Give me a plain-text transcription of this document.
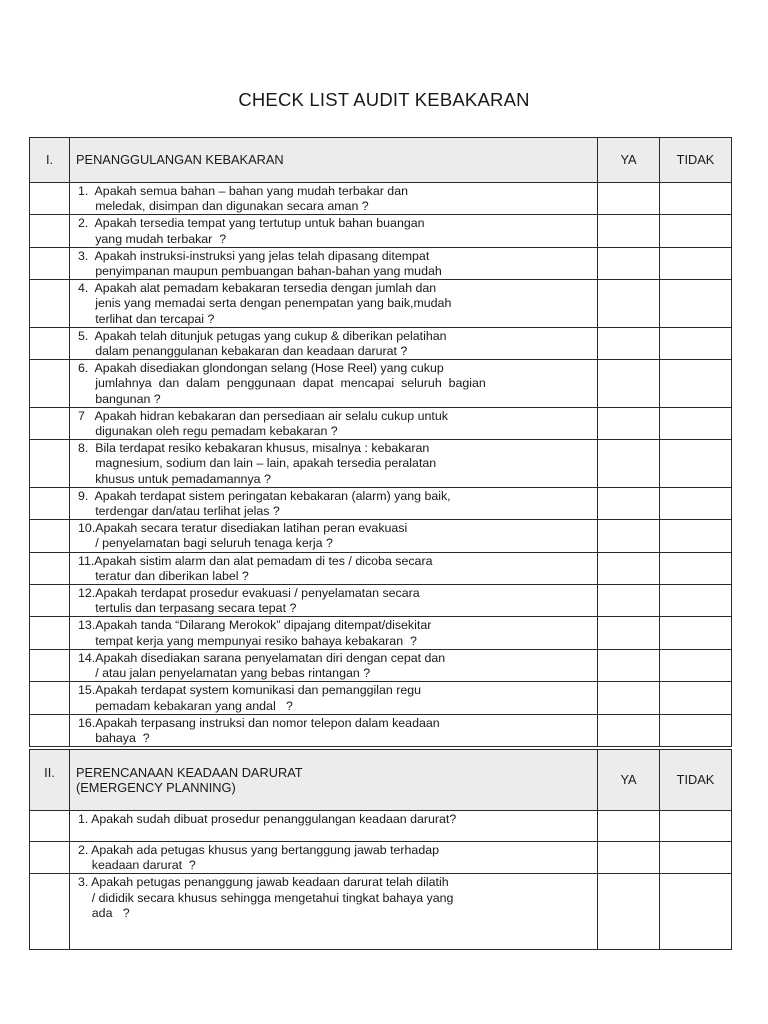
CHECK LIST AUDIT KEBAKARAN
I.	PENANGGULANGAN KEBAKARAN	YA	TIDAK

	1.  Apakah semua bahan – bahan yang mudah terbakar dan
meledak, disimpan dan digunakan secara aman ?		

	2.  Apakah tersedia tempat yang tertutup untuk bahan buangan
yang mudah terbakar  ?		

	3.  Apakah instruksi-instruksi yang jelas telah dipasang ditempat
penyimpanan maupun pembuangan bahan-bahan yang mudah		

	4.  Apakah alat pemadam kebakaran tersedia dengan jumlah dan
jenis yang memadai serta dengan penempatan yang baik,mudah
terlihat dan tercapai ?		

	5.  Apakah telah ditunjuk petugas yang cukup & diberikan pelatihan
dalam penanggulanan kebakaran dan keadaan darurat ?		

	6.  Apakah disediakan glondongan selang (Hose Reel) yang cukup
jumlahnya  dan  dalam  penggunaan  dapat  mencapai  seluruh  bagian
bangunan ?		

	7   Apakah hidran kebakaran dan persediaan air selalu cukup untuk
digunakan oleh regu pemadam kebakaran ?		

	8.  Bila terdapat resiko kebakaran khusus, misalnya : kebakaran
magnesium, sodium dan lain – lain, apakah tersedia peralatan
khusus untuk pemadamannya ?		

	9.  Apakah terdapat sistem peringatan kebakaran (alarm) yang baik,
terdengar dan/atau terlihat jelas ?		

	10.Apakah secara teratur disediakan latihan peran evakuasi
/ penyelamatan bagi seluruh tenaga kerja ?		

	11.Apakah sistim alarm dan alat pemadam di tes / dicoba secara
teratur dan diberikan label ?		

	12.Apakah terdapat prosedur evakuasi / penyelamatan secara
tertulis dan terpasang secara tepat ?		

	13.Apakah tanda “Dilarang Merokok” dipajang ditempat/disekitar
tempat kerja yang mempunyai resiko bahaya kebakaran  ?		

	14.Apakah disediakan sarana penyelamatan diri dengan cepat dan
/ atau jalan penyelamatan yang bebas rintangan ?		

	15.Apakah terdapat system komunikasi dan pemanggilan regu
pemadam kebakaran yang andal   ?		

	16.Apakah terpasang instruksi dan nomor telepon dalam keadaan
bahaya  ?		

II.	PERENCANAAN KEADAAN DARURAT
(EMERGENCY PLANNING)	YA	TIDAK

	1. Apakah sudah dibuat prosedur penanggulangan keadaan darurat?		

	2. Apakah ada petugas khusus yang bertanggung jawab terhadap
keadaan darurat  ?		

	3. Apakah petugas penanggung jawab keadaan darurat telah dilatih
/ dididik secara khusus sehingga mengetahui tingkat bahaya yang
ada   ?		
